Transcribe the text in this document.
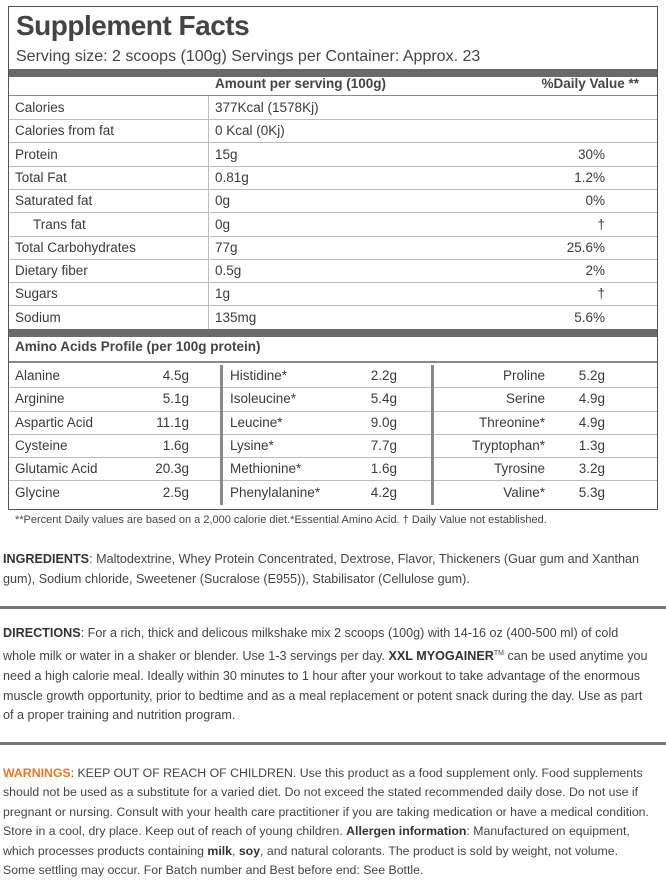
Supplement Facts
Serving size: 2 scoops (100g) Servings per Container: Approx. 23
Amount per serving (100g)	%Daily Value **
Calories	377Kcal (1578Kj)
Calories from fat	0 Kcal (0Kj)
Protein	15g	30%
Total Fat	0.81g	1.2%
Saturated fat	0g	0%
Trans fat	0g	†
Total Carbohydrates	77g	25.6%
Dietary fiber	0.5g	2%
Sugars	1g	†
Sodium	135mg	5.6%
Amino Acids Profile (per 100g protein)
Alanine	4.5g	Histidine*	2.2g	Proline	5.2g
Arginine	5.1g	Isoleucine*	5.4g	Serine	4.9g
Aspartic Acid	11.1g	Leucine*	9.0g	Threonine*	4.9g
Cysteine	1.6g	Lysine*	7.7g	Tryptophan*	1.3g
Glutamic Acid	20.3g	Methionine*	1.6g	Tyrosine	3.2g
Glycine	2.5g	Phenylalanine*	4.2g	Valine*	5.3g
**Percent Daily values are based on a 2,000 calorie diet.*Essential Amino Acid. † Daily Value not established.
INGREDIENTS: Maltodextrine, Whey Protein Concentrated, Dextrose, Flavor, Thickeners (Guar gum and Xanthan gum), Sodium chloride, Sweetener (Sucralose (E955)), Stabilisator (Cellulose gum).
DIRECTIONS: For a rich, thick and delicous milkshake mix 2 scoops (100g) with 14-16 oz (400-500 ml) of cold whole milk or water in a shaker or blender. Use 1-3 servings per day. XXL MYOGAINER™ can be used anytime you need a high calorie meal. Ideally within 30 minutes to 1 hour after your workout to take advantage of the enormous muscle growth opportunity, prior to bedtime and as a meal replacement or potent snack during the day. Use as part of a proper training and nutrition program.
WARNINGS: KEEP OUT OF REACH OF CHILDREN. Use this product as a food supplement only. Food supplements should not be used as a substitute for a varied diet. Do not exceed the stated recommended daily dose. Do not use if pregnant or nursing. Consult with your health care practitioner if you are taking medication or have a medical condition. Store in a cool, dry place. Keep out of reach of young children. Allergen information: Manufactured on equipment, which processes products containing milk, soy, and natural colorants. The product is sold by weight, not volume. Some settling may occur. For Batch number and Best before end: See Bottle.
